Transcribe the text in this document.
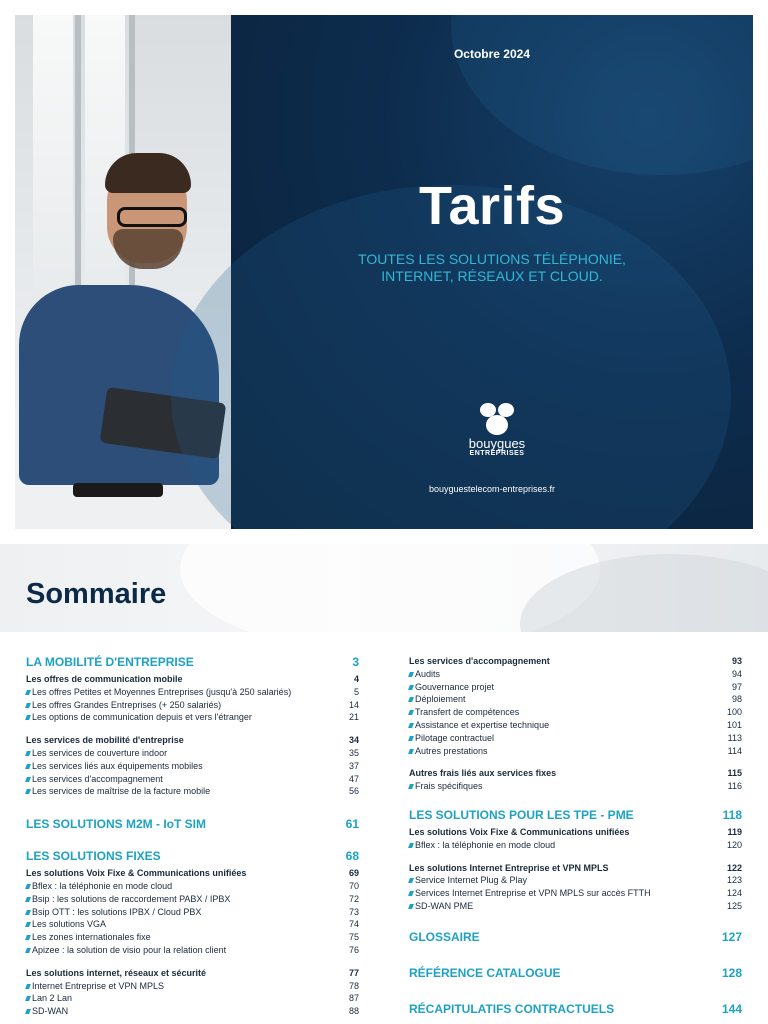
Octobre 2024
Tarifs
TOUTES LES SOLUTIONS TÉLÉPHONIE, INTERNET, RÉSEAUX ET CLOUD.
bouygues
ENTREPRISES
bouyguestelecom-entreprises.fr
Sommaire
LA MOBILITÉ D'ENTREPRISE	3
Les offres de communication mobile	4
Les offres Petites et Moyennes Entreprises (jusqu'à 250 salariés)	5
Les offres Grandes Entreprises (+ 250 salariés)	14
Les options de communication depuis et vers l'étranger	21
Les services de mobilité d'entreprise	34
Les services de couverture indoor	35
Les services liés aux équipements mobiles	37
Les services d'accompagnement	47
Les services de maîtrise de la facture mobile	56
LES SOLUTIONS M2M - IoT SIM	61
LES SOLUTIONS FIXES	68
Les solutions Voix Fixe & Communications unifiées	69
Bflex : la téléphonie en mode cloud	70
Bsip : les solutions de raccordement PABX / IPBX	72
Bsip OTT : les solutions IPBX / Cloud PBX	73
Les solutions VGA	74
Les zones internationales fixe	75
Apizee : la solution de visio pour la relation client	76
Les solutions internet, réseaux et sécurité	77
Internet Entreprise et VPN MPLS	78
Lan 2 Lan	87
SD-WAN	88
Les services d'accompagnement	93
Audits	94
Gouvernance projet	97
Déploiement	98
Transfert de compétences	100
Assistance et expertise technique	101
Pilotage contractuel	113
Autres prestations	114
Autres frais liés aux services fixes	115
Frais spécifiques	116
LES SOLUTIONS POUR LES TPE - PME	118
Les solutions Voix Fixe & Communications unifiées	119
Bflex : la téléphonie en mode cloud	120
Les solutions Internet Entreprise et VPN MPLS	122
Service Internet Plug & Play	123
Services Internet Entreprise et VPN MPLS sur accès FTTH	124
SD-WAN PME	125
GLOSSAIRE	127
RÉFÉRENCE CATALOGUE	128
RÉCAPITULATIFS CONTRACTUELS	144
